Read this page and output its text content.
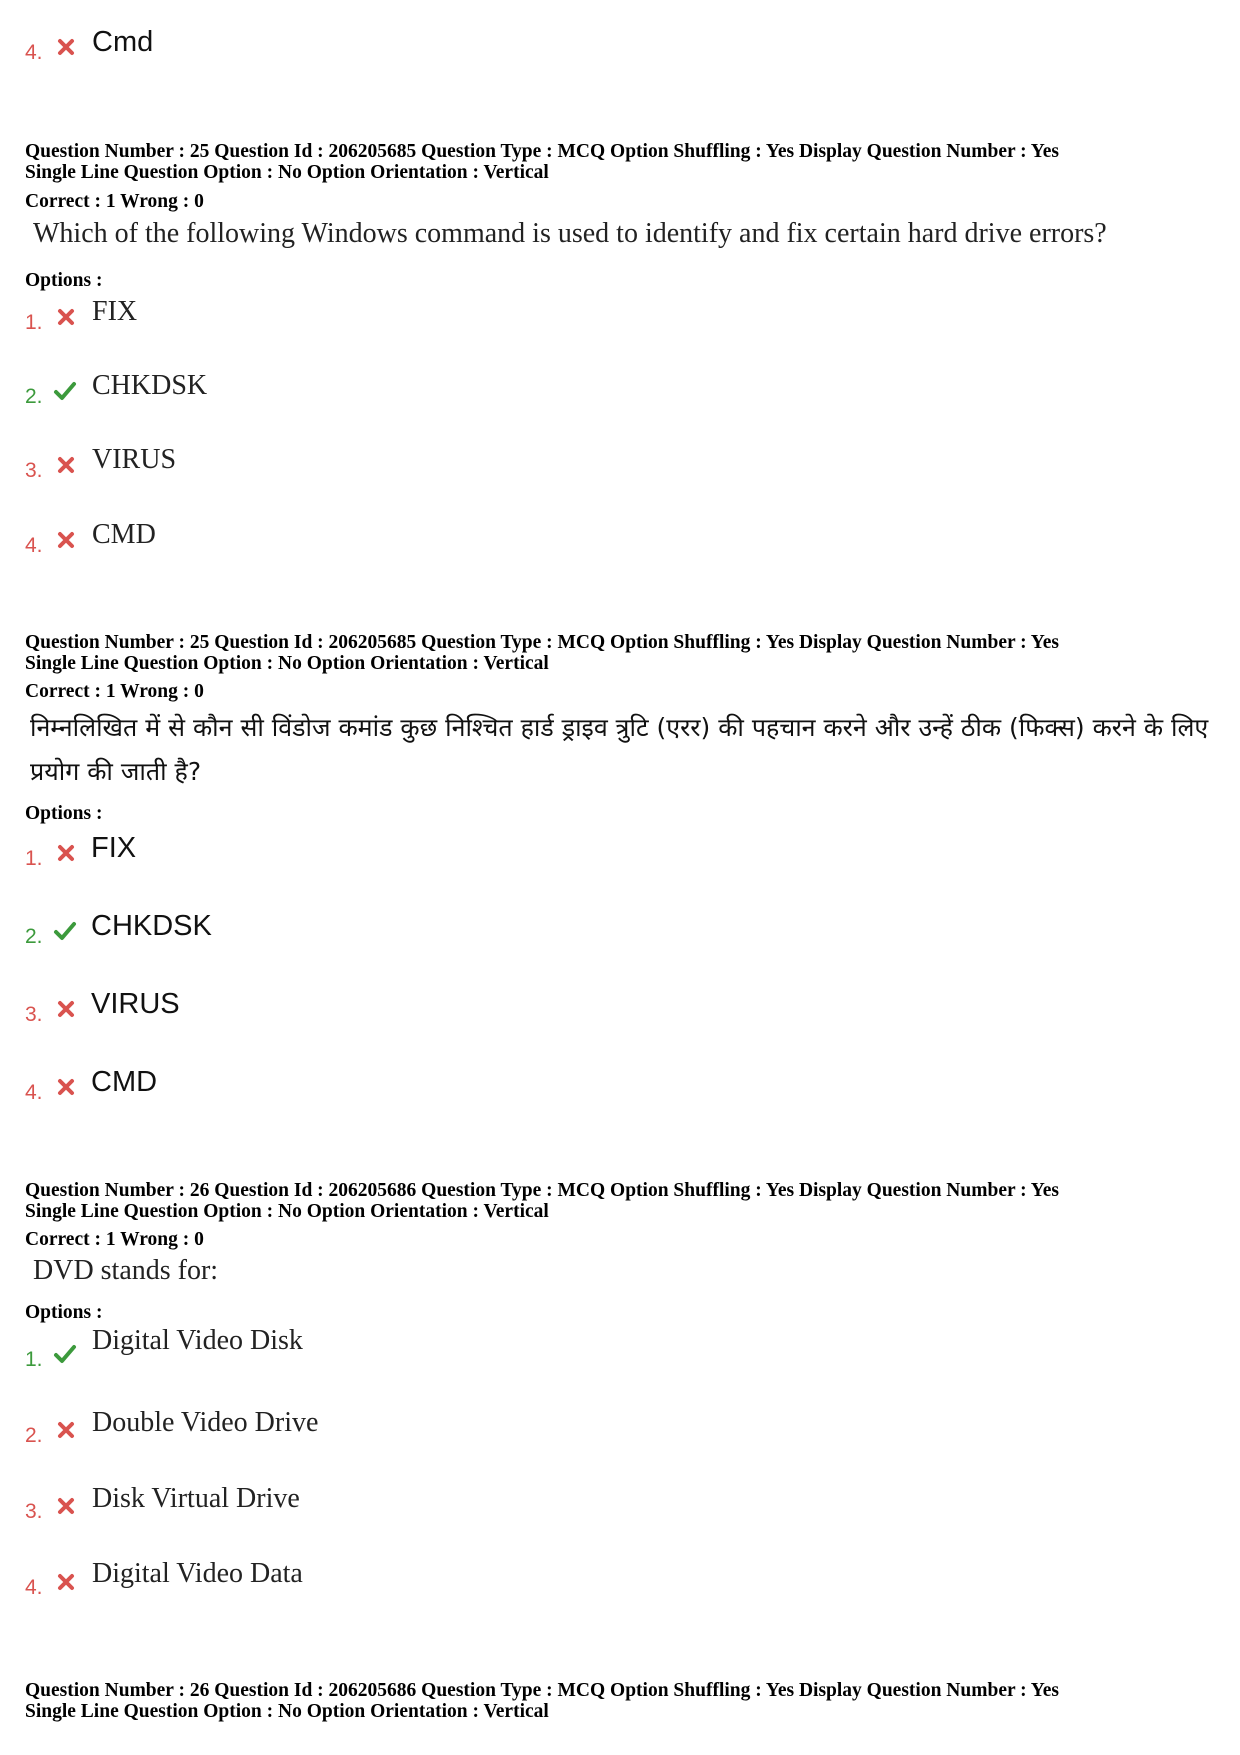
4. Cmd
Question Number : 25 Question Id : 206205685 Question Type : MCQ Option Shuffling : Yes Display Question Number : Yes
Single Line Question Option : No Option Orientation : Vertical
Correct : 1 Wrong : 0
Which of the following Windows command is used to identify and fix certain hard drive errors?
Options :
1. FIX
2. CHKDSK
3. VIRUS
4. CMD
Question Number : 25 Question Id : 206205685 Question Type : MCQ Option Shuffling : Yes Display Question Number : Yes
Single Line Question Option : No Option Orientation : Vertical
Correct : 1 Wrong : 0
निम्नलिखित में से कौन सी विंडोज कमांड कुछ निश्चित हार्ड ड्राइव त्रुटि (एरर) की पहचान करने और उन्हें ठीक (फिक्स) करने के लिए प्रयोग की जाती है?
Options :
1. FIX
2. CHKDSK
3. VIRUS
4. CMD
Question Number : 26 Question Id : 206205686 Question Type : MCQ Option Shuffling : Yes Display Question Number : Yes
Single Line Question Option : No Option Orientation : Vertical
Correct : 1 Wrong : 0
DVD stands for:
Options :
1.
Digital Video Disk
2. Double Video Drive
3. Disk Virtual Drive
4. Digital Video Data
Question Number : 26 Question Id : 206205686 Question Type : MCQ Option Shuffling : Yes Display Question Number : Yes
Single Line Question Option : No Option Orientation : Vertical
